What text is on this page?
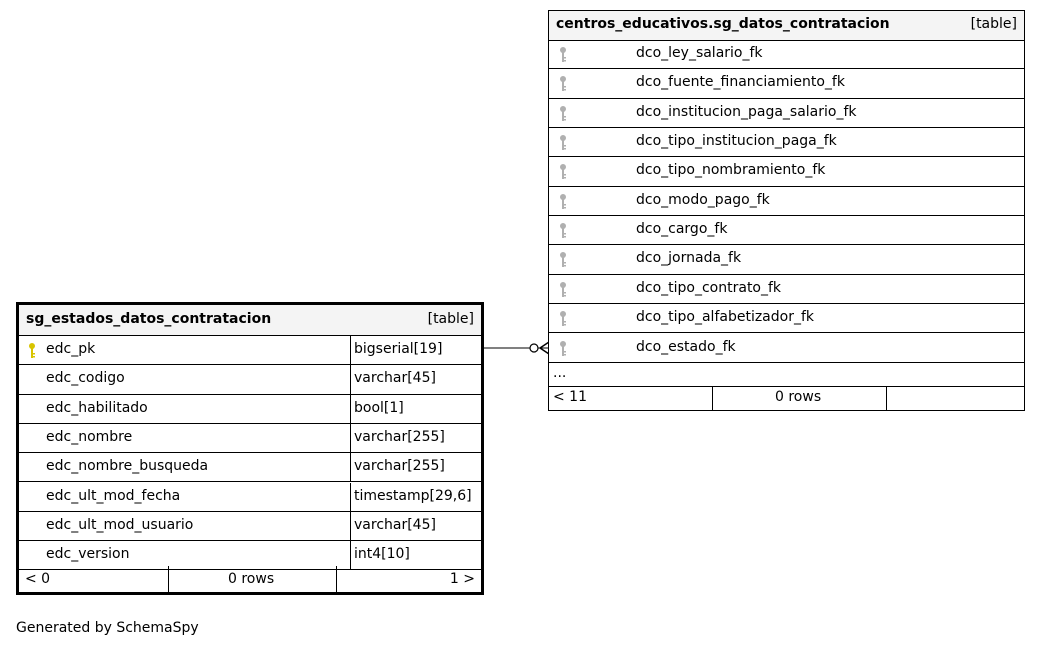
sg_estados_datos_contratacion	[table]
edc_pk	bigserial[19]
edc_codigo	varchar[45]
edc_habilitado	bool[1]
edc_nombre	varchar[255]
edc_nombre_busqueda	varchar[255]
edc_ult_mod_fecha	timestamp[29,6]
edc_ult_mod_usuario	varchar[45]
edc_version	int4[10]
< 0	0 rows	1 >
centros_educativos.sg_datos_contratacion	[table]
dco_ley_salario_fk
dco_fuente_financiamiento_fk
dco_institucion_paga_salario_fk
dco_tipo_institucion_paga_fk
dco_tipo_nombramiento_fk
dco_modo_pago_fk
dco_cargo_fk
dco_jornada_fk
dco_tipo_contrato_fk
dco_tipo_alfabetizador_fk
dco_estado_fk
...
< 11	0 rows
Generated by SchemaSpy
